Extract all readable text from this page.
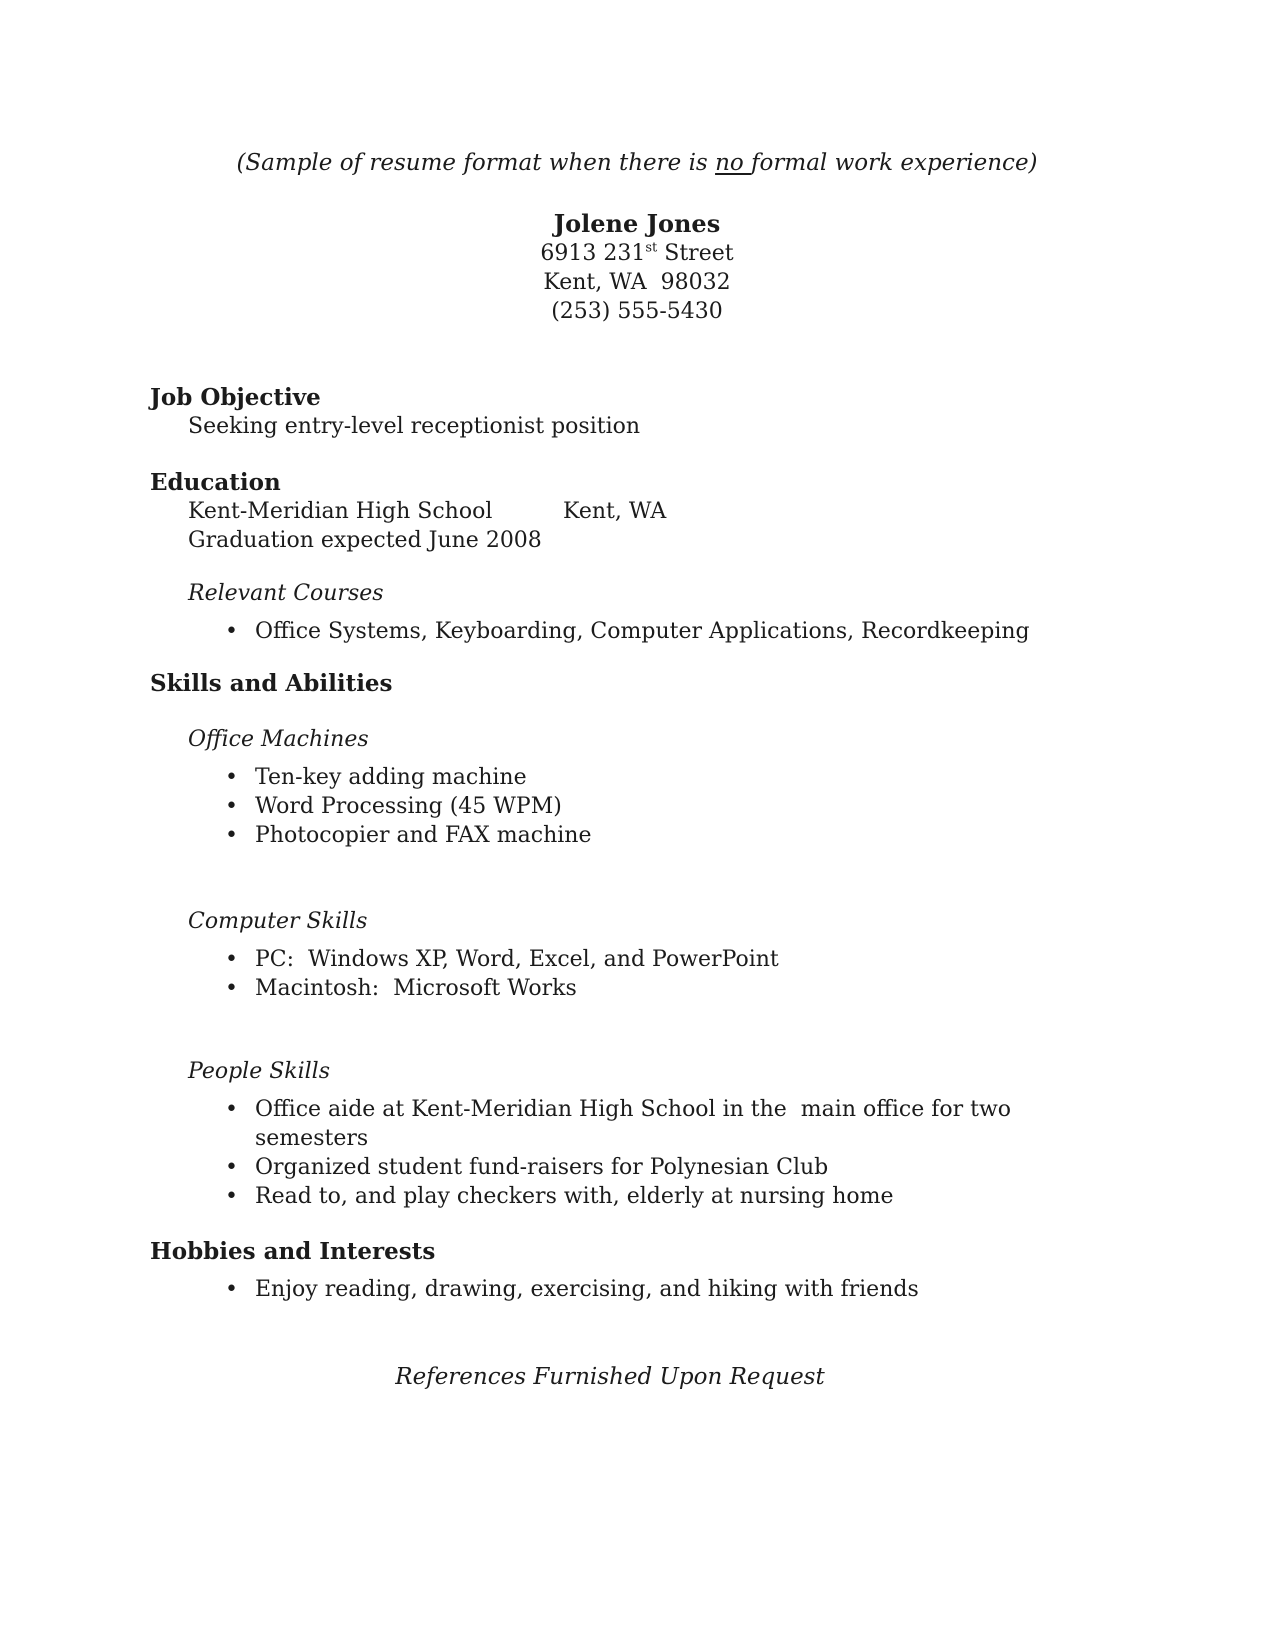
(Sample of resume format when there is no formal work experience)

Jolene Jones
6913 231st Street
Kent, WA  98032
(253) 555-5430
Job Objective

Seeking entry-level receptionist position

Education

Kent-Meridian High School	Kent, WA

Graduation expected June 2008

Relevant Courses
• Office Systems, Keyboarding, Computer Applications, Recordkeeping
Skills and Abilities
Office Machines
• Ten-key adding machine
• Word Processing (45 WPM)
• Photocopier and FAX machine
Computer Skills
• PC:  Windows XP, Word, Excel, and PowerPoint
• Macintosh:  Microsoft Works
People Skills
• Office aide at Kent-Meridian High School in the  main office for two semesters
• Organized student fund-raisers for Polynesian Club
• Read to, and play checkers with, elderly at nursing home
Hobbies and Interests
• Enjoy reading, drawing, exercising, and hiking with friends

References Furnished Upon Request
